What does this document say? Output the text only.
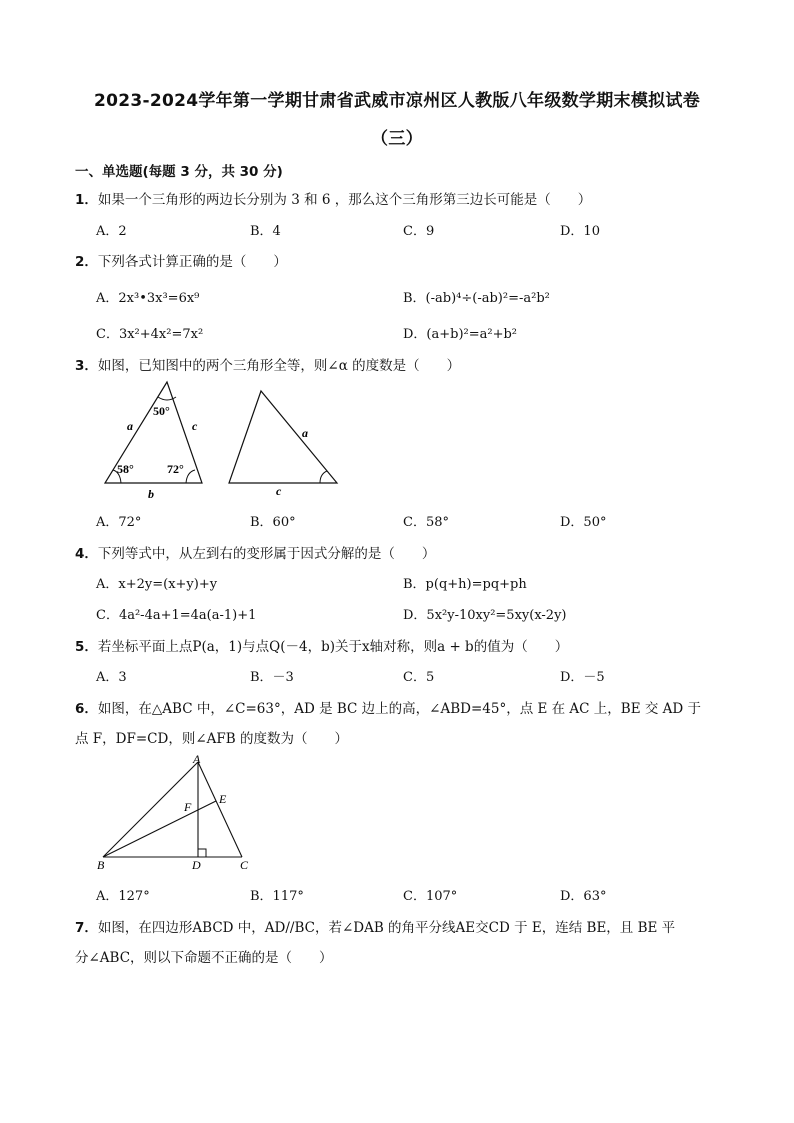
2023-2024学年第一学期甘肃省武威市凉州区人教版八年级数学期末模拟试卷
（三）
一、单选题(每题 3 分，共 30 分)
1．如果一个三角形的两边长分别为 3 和 6 ，那么这个三角形第三边长可能是（　　）
A．2	B．4	C．9	D．10
2．下列各式计算正确的是（　　）
A．2x³•3x³=6x⁹	B．(-ab)⁴÷(-ab)²=-a²b²
C．3x²+4x²=7x²	D．(a+b)²=a²+b²
3．如图，已知图中的两个三角形全等，则∠α 的度数是（　　）
50°
58°	72°
a	c
b
a
c
A．72°	B．60°	C．58°	D．50°
4．下列等式中，从左到右的变形属于因式分解的是（　　）
A．x+2y=(x+y)+y	B．p(q+h)=pq+ph
C．4a²-4a+1=4a(a-1)+1	D．5x²y-10xy²=5xy(x-2y)
5．若坐标平面上点P(a，1)与点Q(－4，b)关于x轴对称，则a + b的值为（　　）
A．3	B．－3	C．5	D．－5
6．如图，在△ABC 中，∠C=63°，AD 是 BC 边上的高，∠ABD=45°，点 E 在 AC 上，BE 交 AD 于
点 F，DF=CD，则∠AFB 的度数为（　　）
A
B	D	C
E
F
A．127°	B．117°	C．107°	D．63°
7．如图，在四边形ABCD 中，AD//BC，若∠DAB 的角平分线AE交CD 于 E，连结 BE，且 BE 平
分∠ABC，则以下命题不正确的是（　　）
